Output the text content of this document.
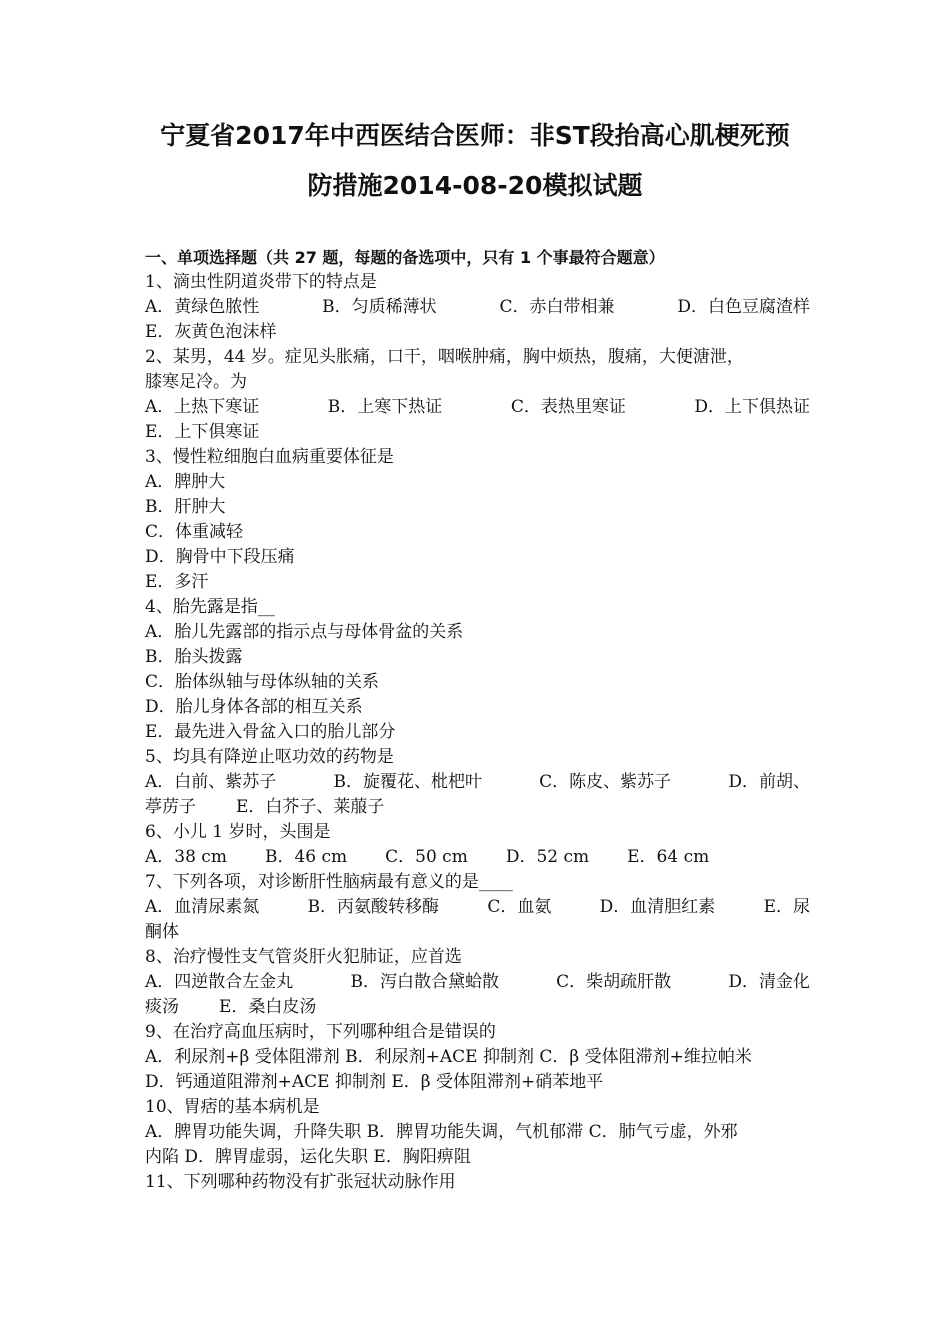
宁夏省2017年中西医结合医师：非ST段抬高心肌梗死预
防措施2014-08-20模拟试题
一、单项选择题（共 27 题，每题的备选项中，只有 1 个事最符合题意）
1、滴虫性阴道炎带下的特点是
A．黄绿色脓性	B．匀质稀薄状	C．赤白带相兼	D．白色豆腐渣样
E．灰黄色泡沫样
2、某男，44 岁。症见头胀痛，口干，咽喉肿痛，胸中烦热，腹痛，大便溏泄，
膝寒足冷。为
A．上热下寒证	B．上寒下热证	C．表热里寒证	D．上下俱热证
E．上下俱寒证
3、慢性粒细胞白血病重要体征是
A．脾肿大
B．肝肿大
C．体重减轻
D．胸骨中下段压痛
E．多汗
4、胎先露是指__
A．胎儿先露部的指示点与母体骨盆的关系
B．胎头拨露
C．胎体纵轴与母体纵轴的关系
D．胎儿身体各部的相互关系
E．最先进入骨盆入口的胎儿部分
5、均具有降逆止呕功效的药物是
A．白前、紫苏子	B．旋覆花、枇杷叶	C．陈皮、紫苏子	D．前胡、
葶苈子 E．白芥子、莱菔子
6、小儿 1 岁时，头围是
A．38 cm B．46 cm C．50 cm D．52 cm E．64 cm
7、下列各项，对诊断肝性脑病最有意义的是____
A．血清尿素氮	B．丙氨酸转移酶	C．血氨	D．血清胆红素	E．尿
酮体
8、治疗慢性支气管炎肝火犯肺证，应首选
A．四逆散合左金丸	B．泻白散合黛蛤散	C．柴胡疏肝散	D．清金化
痰汤 E．桑白皮汤
9、在治疗高血压病时，下列哪种组合是错误的
A．利尿剂+β 受体阻滞剂 B．利尿剂+ACE 抑制剂 C．β 受体阻滞剂+维拉帕米
D．钙通道阻滞剂+ACE 抑制剂 E．β 受体阻滞剂+硝苯地平
10、胃痞的基本病机是
A．脾胃功能失调，升降失职 B．脾胃功能失调，气机郁滞 C．肺气亏虚，外邪
内陷 D．脾胃虚弱，运化失职 E．胸阳痹阻
11、下列哪种药物没有扩张冠状动脉作用
